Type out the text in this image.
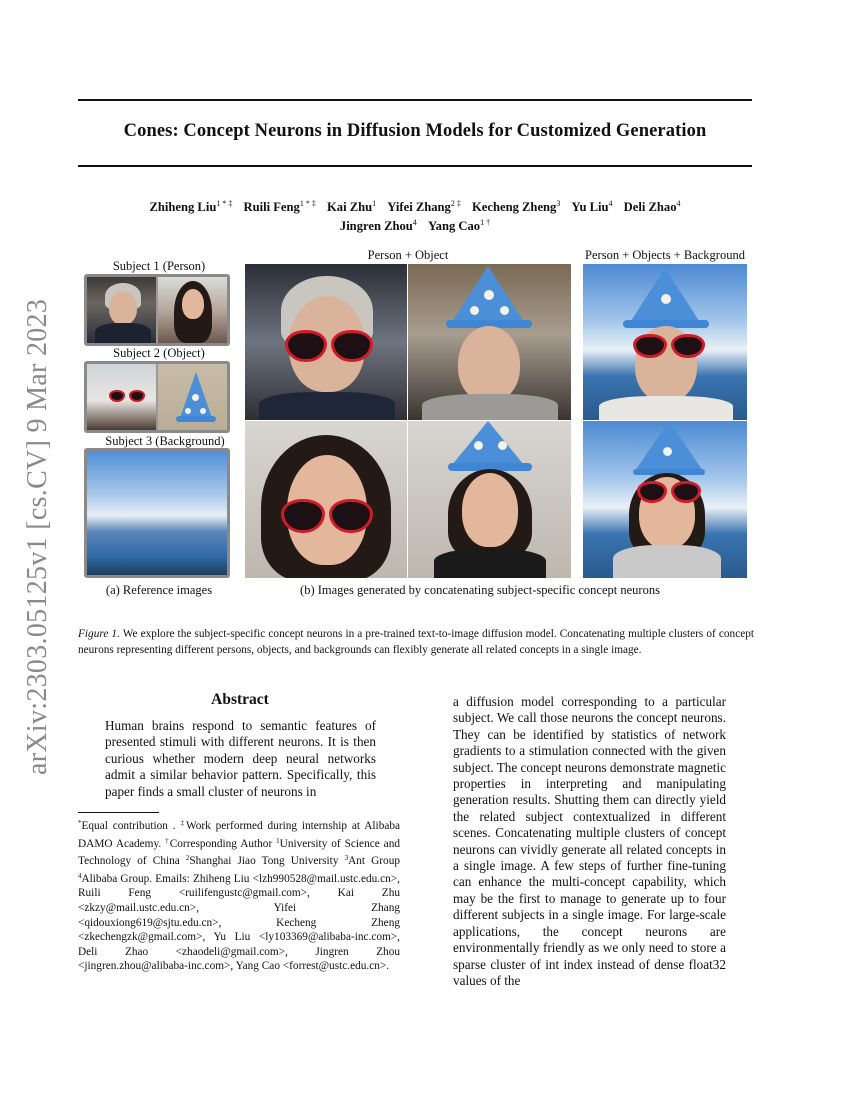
arXiv:2303.05125v1 [cs.CV] 9 Mar 2023
Cones: Concept Neurons in Diffusion Models for Customized Generation
Zhiheng Liu$^{1 * \ddagger}$ Ruili Feng$^{1 * \ddagger}$ Kai Zhu$^1$ Yifei Zhang$^{2 \ddagger}$ Kecheng Zheng$^3$ Yu Liu$^4$ Deli Zhao$^4$
Jingren Zhou$^4$ Yang Cao$^{1 \dagger}$
Subject 1 (Person)
Subject 2 (Object)
Subject 3 (Background)
(a) Reference images
Person + Object	Person + Objects + Background
(b) Images generated by concatenating subject-specific concept neurons
Figure 1. We explore the subject-specific concept neurons in a pre-trained text-to-image diffusion model. Concatenating multiple clusters of concept neurons representing different persons, objects, and backgrounds can flexibly generate all related concepts in a single image.
Abstract
Human brains respond to semantic features of presented stimuli with different neurons. It is then curious whether modern deep neural networks admit a similar behavior pattern. Specifically, this paper finds a small cluster of neurons in
a diffusion model corresponding to a particular subject. We call those neurons the concept neurons. They can be identified by statistics of network gradients to a stimulation connected with the given subject. The concept neurons demonstrate magnetic properties in interpreting and manipulating generation results. Shutting them can directly yield the related subject contextualized in different scenes. Concatenating multiple clusters of concept neurons can vividly generate all related concepts in a single image. A few steps of further fine-tuning can enhance the multi-concept capability, which may be the first to manage to generate up to four different subjects in a single image. For large-scale applications, the concept neurons are environmentally friendly as we only need to store a sparse cluster of int index instead of dense float32 values of the
*Equal contribution . ‡Work performed during internship at Alibaba DAMO Academy. †Corresponding Author $^1$University of Science and Technology of China $^2$Shanghai Jiao Tong University $^3$Ant Group $^4$Alibaba Group. Emails: Zhiheng Liu <lzh990528@mail.ustc.edu.cn>, Ruili Feng <ruilifengustc@gmail.com>, Kai Zhu <zkzy@mail.ustc.edu.cn>, Yifei Zhang <qidouxiong619@sjtu.edu.cn>, Kecheng Zheng <zkechengzk@gmail.com>, Yu Liu <ly103369@alibaba-inc.com>, Deli Zhao <zhaodeli@gmail.com>, Jingren Zhou <jingren.zhou@alibaba-inc.com>, Yang Cao <forrest@ustc.edu.cn>.
